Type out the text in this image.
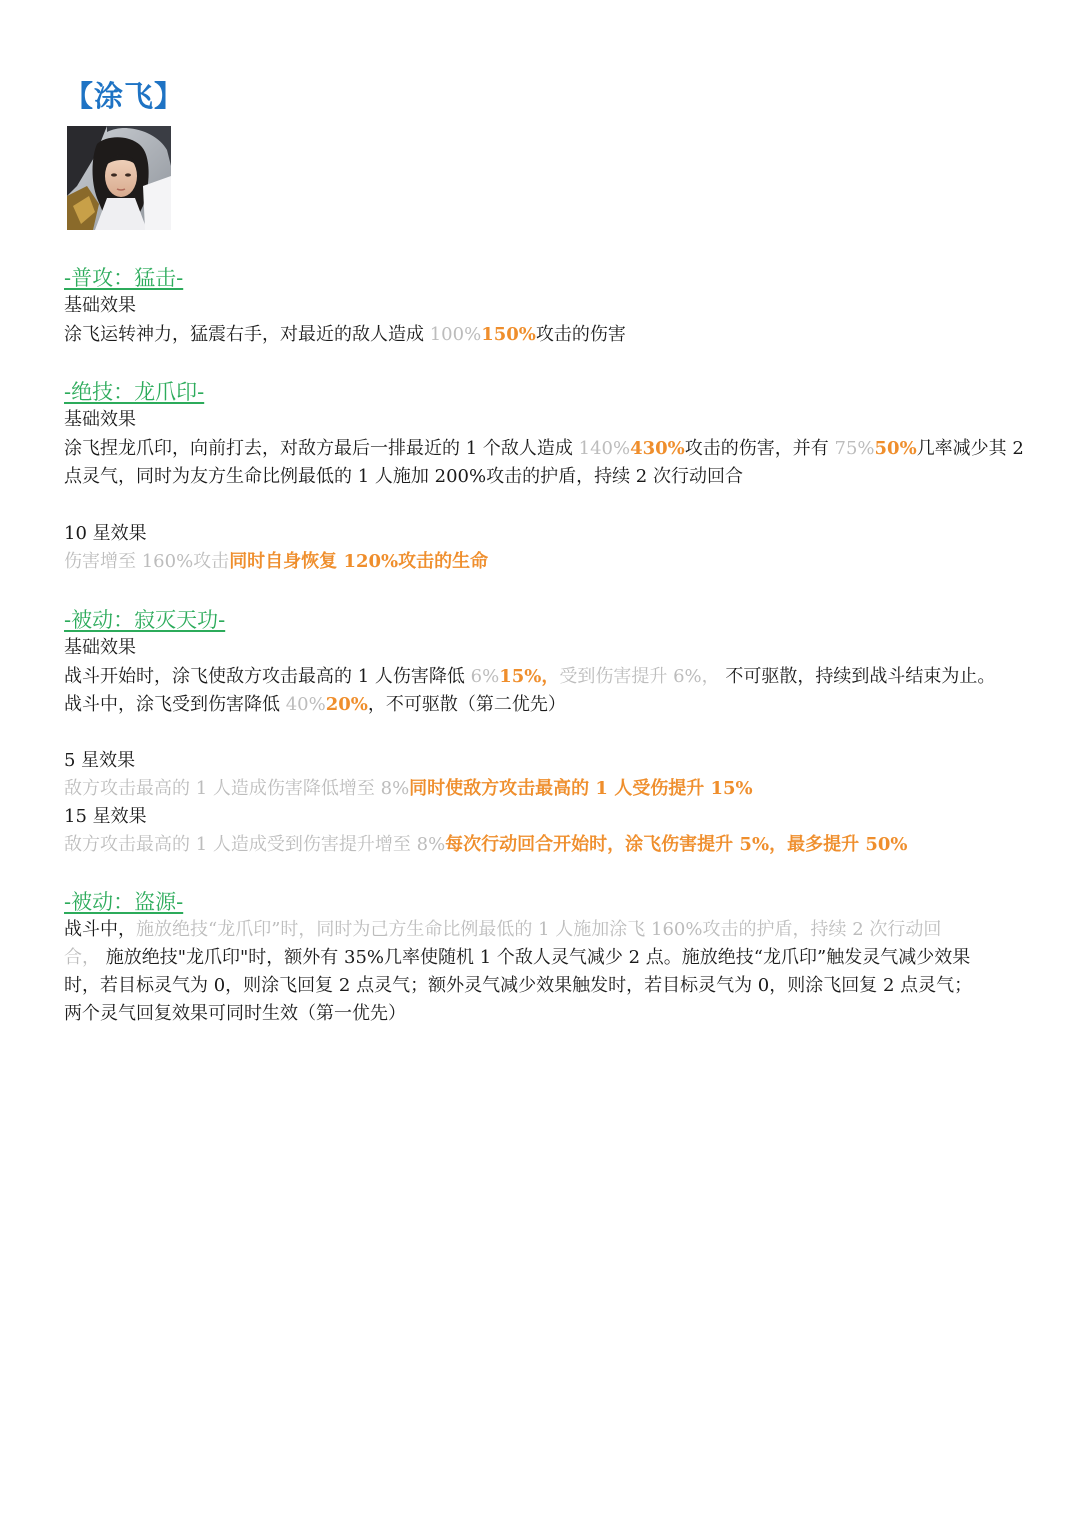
【涂飞】
-普攻：猛击-
基础效果
涂飞运转神力，猛震右手，对最近的敌人造成 100%150%攻击的伤害
-绝技：龙爪印-
基础效果
涂飞捏龙爪印，向前打去，对敌方最后一排最近的 1 个敌人造成 140%430%攻击的伤害，并有 75%50%几率减少其 2
点灵气，同时为友方生命比例最低的 1 人施加 200%攻击的护盾，持续 2 次行动回合
10 星效果
伤害增至 160%攻击同时自身恢复 120%攻击的生命
-被动：寂灭天功-
基础效果
战斗开始时，涂飞使敌方攻击最高的 1 人伤害降低 6%15%，受到伤害提升 6%， 不可驱散，持续到战斗结束为止。
战斗中，涂飞受到伤害降低 40%20%，不可驱散（第二优先）
5 星效果
敌方攻击最高的 1 人造成伤害降低增至 8%同时使敌方攻击最高的 1 人受伤提升 15%
15 星效果
敌方攻击最高的 1 人造成受到伤害提升增至 8%每次行动回合开始时，涂飞伤害提升 5%，最多提升 50%
-被动：盗源-
战斗中，施放绝技“龙爪印”时，同时为己方生命比例最低的 1 人施加涂飞 160%攻击的护盾，持续 2 次行动回
合， 施放绝技"龙爪印"时，额外有 35%几率使随机 1 个敌人灵气减少 2 点。施放绝技“龙爪印”触发灵气减少效果
时，若目标灵气为 0，则涂飞回复 2 点灵气；额外灵气减少效果触发时，若目标灵气为 0，则涂飞回复 2 点灵气；
两个灵气回复效果可同时生效（第一优先）
